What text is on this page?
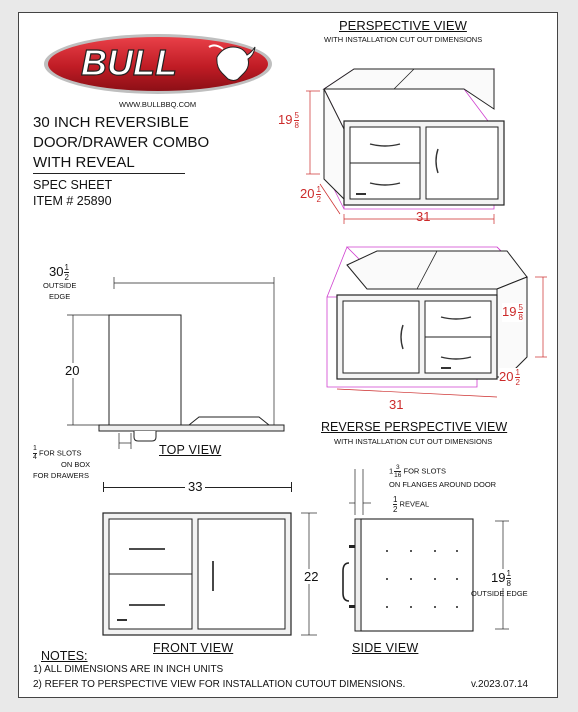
BULL
WWW.BULLBBQ.COM
30 INCH REVERSIBLE
DOOR/DRAWER COMBO
WITH REVEAL
SPEC SHEET
ITEM # 25890
PERSPECTIVE VIEW
WITH INSTALLATION CUT OUT DIMENSIONS
$19 \frac{5}{8}$
$20 \frac{1}{2}$
31
$30 \frac{1}{2}$
OUTSIDE
EDGE
20
TOP VIEW
$\frac{1}{4}$ FOR SLOTS
ON BOX
FOR DRAWERS
$19 \frac{5}{8}$
$20 \frac{1}{2}$
31
REVERSE PERSPECTIVE VIEW
WITH INSTALLATION CUT OUT DIMENSIONS
33
22
FRONT VIEW
$1 \frac{3}{16}$ FOR SLOTS
ON FLANGES AROUND DOOR
$\frac{1}{2}$ REVEAL
$19 \frac{1}{8}$
OUTSIDE EDGE
SIDE VIEW
NOTES:
1) ALL DIMENSIONS ARE IN INCH UNITS
2) REFER TO PERSPECTIVE VIEW FOR INSTALLATION CUTOUT DIMENSIONS.	v.2023.07.14
